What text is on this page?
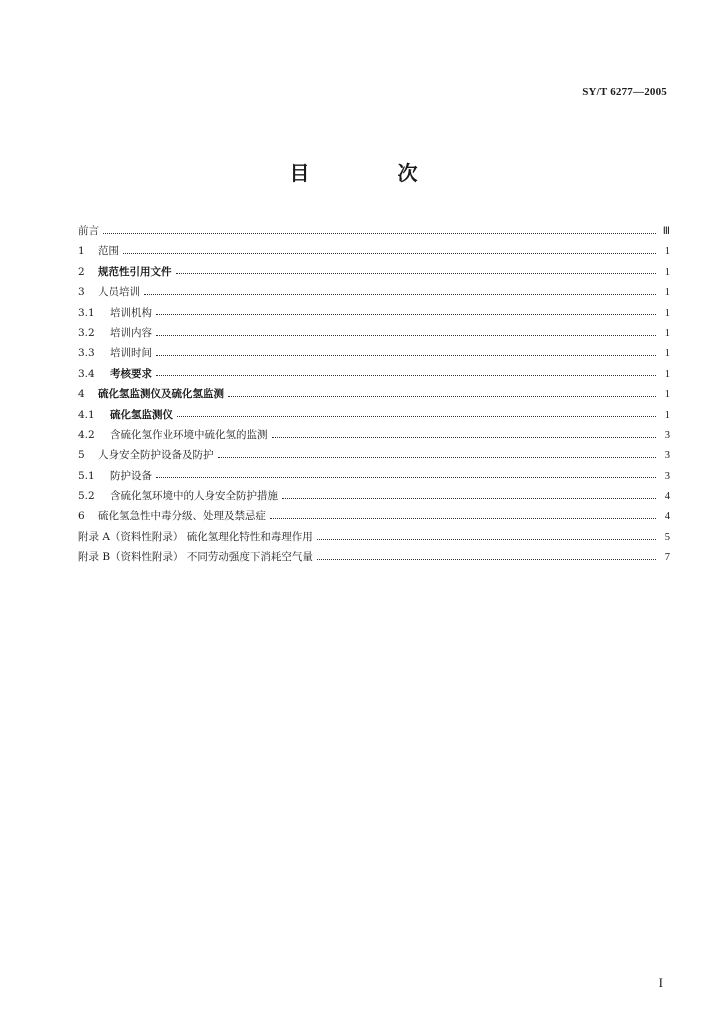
SY/T 6277—2005
目　次
前言	Ⅲ
1	范围	1
2	规范性引用文件	1
3	人员培训	1
3.1	培训机构	1
3.2	培训内容	1
3.3	培训时间	1
3.4	考核要求	1
4	硫化氢监测仪及硫化氢监测	1
4.1	硫化氢监测仪	1
4.2	含硫化氢作业环境中硫化氢的监测	3
5	人身安全防护设备及防护	3
5.1	防护设备	3
5.2	含硫化氢环境中的人身安全防护措施	4
6	硫化氢急性中毒分级、处理及禁忌症	4
附录 A（资料性附录） 硫化氢理化特性和毒理作用	5
附录 B（资料性附录） 不同劳动强度下消耗空气量	7
I
